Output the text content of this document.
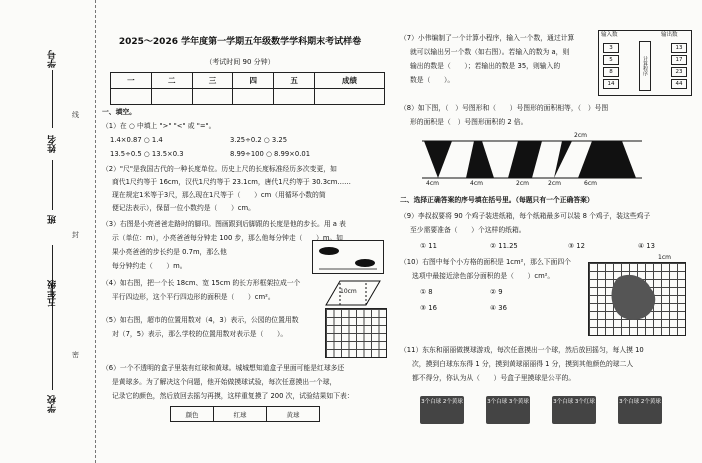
学校
五年级
班
姓名
学号
线
封
密
2025～2026 学年度第一学期五年级数学学科期末考试样卷
（考试时间 90 分钟）
一	二	三	四	五	成绩

一、填空。
（1）在 ○ 中填上 ">" "<" 或 "="。
1.4×0.87 ○ 1.4	3.25÷0.2 ○ 3.25
13.5÷0.5 ○ 13.5×0.3	8.99÷100 ○ 8.99×0.01
（2）"尺"是我国古代的一种长度单位。历史上尺的长度标准经历多次变更，如
商代1尺约等于 16cm，汉代1尺约等于 23.1cm，唐代1尺约等于 30.3cm……
现在规定1米等于3尺，那么现在1尺等于（　　）cm（用循环小数的简
便记法表示），保留一位小数约是（　　）cm。
（3）右图是小亮爸爸走路时的脚印。图画跟到后脚跟的长度是他的步长。用 a 表
示（单位：m），小亮爸爸每分钟走 100 步，那么他每分钟走（　　）m。如
果小亮爸爸的步长约是 0.7m，那么他
每分钟约走（　　）m。
（4）如右图，把一个长 18cm、宽 15cm 的长方形框架拉成一个
平行四边形，这个平行四边形的面积是（　　）cm²。
10cm
（5）如右图，超市的位置用数对（4，3）表示，公园的位置用数
对（7，5）表示，那么学校的位置用数对表示是（　　）。
（6）一个不透明的盒子里装有红球和黄球。城城想知道盒子里面可能是红球多还
是黄球多。为了解决这个问题，他开始做摸球试验，每次任意摸出一个球，
记录它的颜色，然后放回去摇匀再摸，这样重复摸了 200 次，试验结果如下表：
颜色	红球	黄球
（7）小伟编制了一个计算小程序，输入一个数，通过计算
就可以输出另一个数（如右图）。若输入的数为 a，则
输出的数是（　　）；若输出的数是 35，则输入的
数是（　　）。
输入数	输出数
计算程序
3
5
8
14
13
17
23
44
（8）如下图，（　）号图形和（　　）号图形的面积相等，（　）号图
形的面积是（　）号图形面积的 2 倍。
2cm
4cm	4cm	2cm	2cm	6cm
二、选择正确答案的序号填在括号里。（每题只有一个正确答案）
（9）李叔叔要将 90 个鸡子装进纸箱，每个纸箱最多可以装 8 个鸡子，装这些鸡子
至少需要准备（　　）个这样的纸箱。
① 11	② 11.25	③ 12	④ 13
（10）右图中每个小方格的面积是 1cm²，那么下面四个
选项中最接近涂色部分面积的是（　　）cm²。
① 8	② 9
③ 16	④ 36
1cm
（11）东东和丽丽做摸球游戏，每次任意摸出一个球，然后放回摇匀，每人摸 10
次，摸到白球东东得 1 分，摸到黄球丽丽得 1 分，摸到其他颜色的球二人
都不得分，你认为从（　　）号盒子里摸球是公平的。
3个白球 2个黄球	3个白球 3个黄球	3个白球 3个红球	3个白球 2个黄球
